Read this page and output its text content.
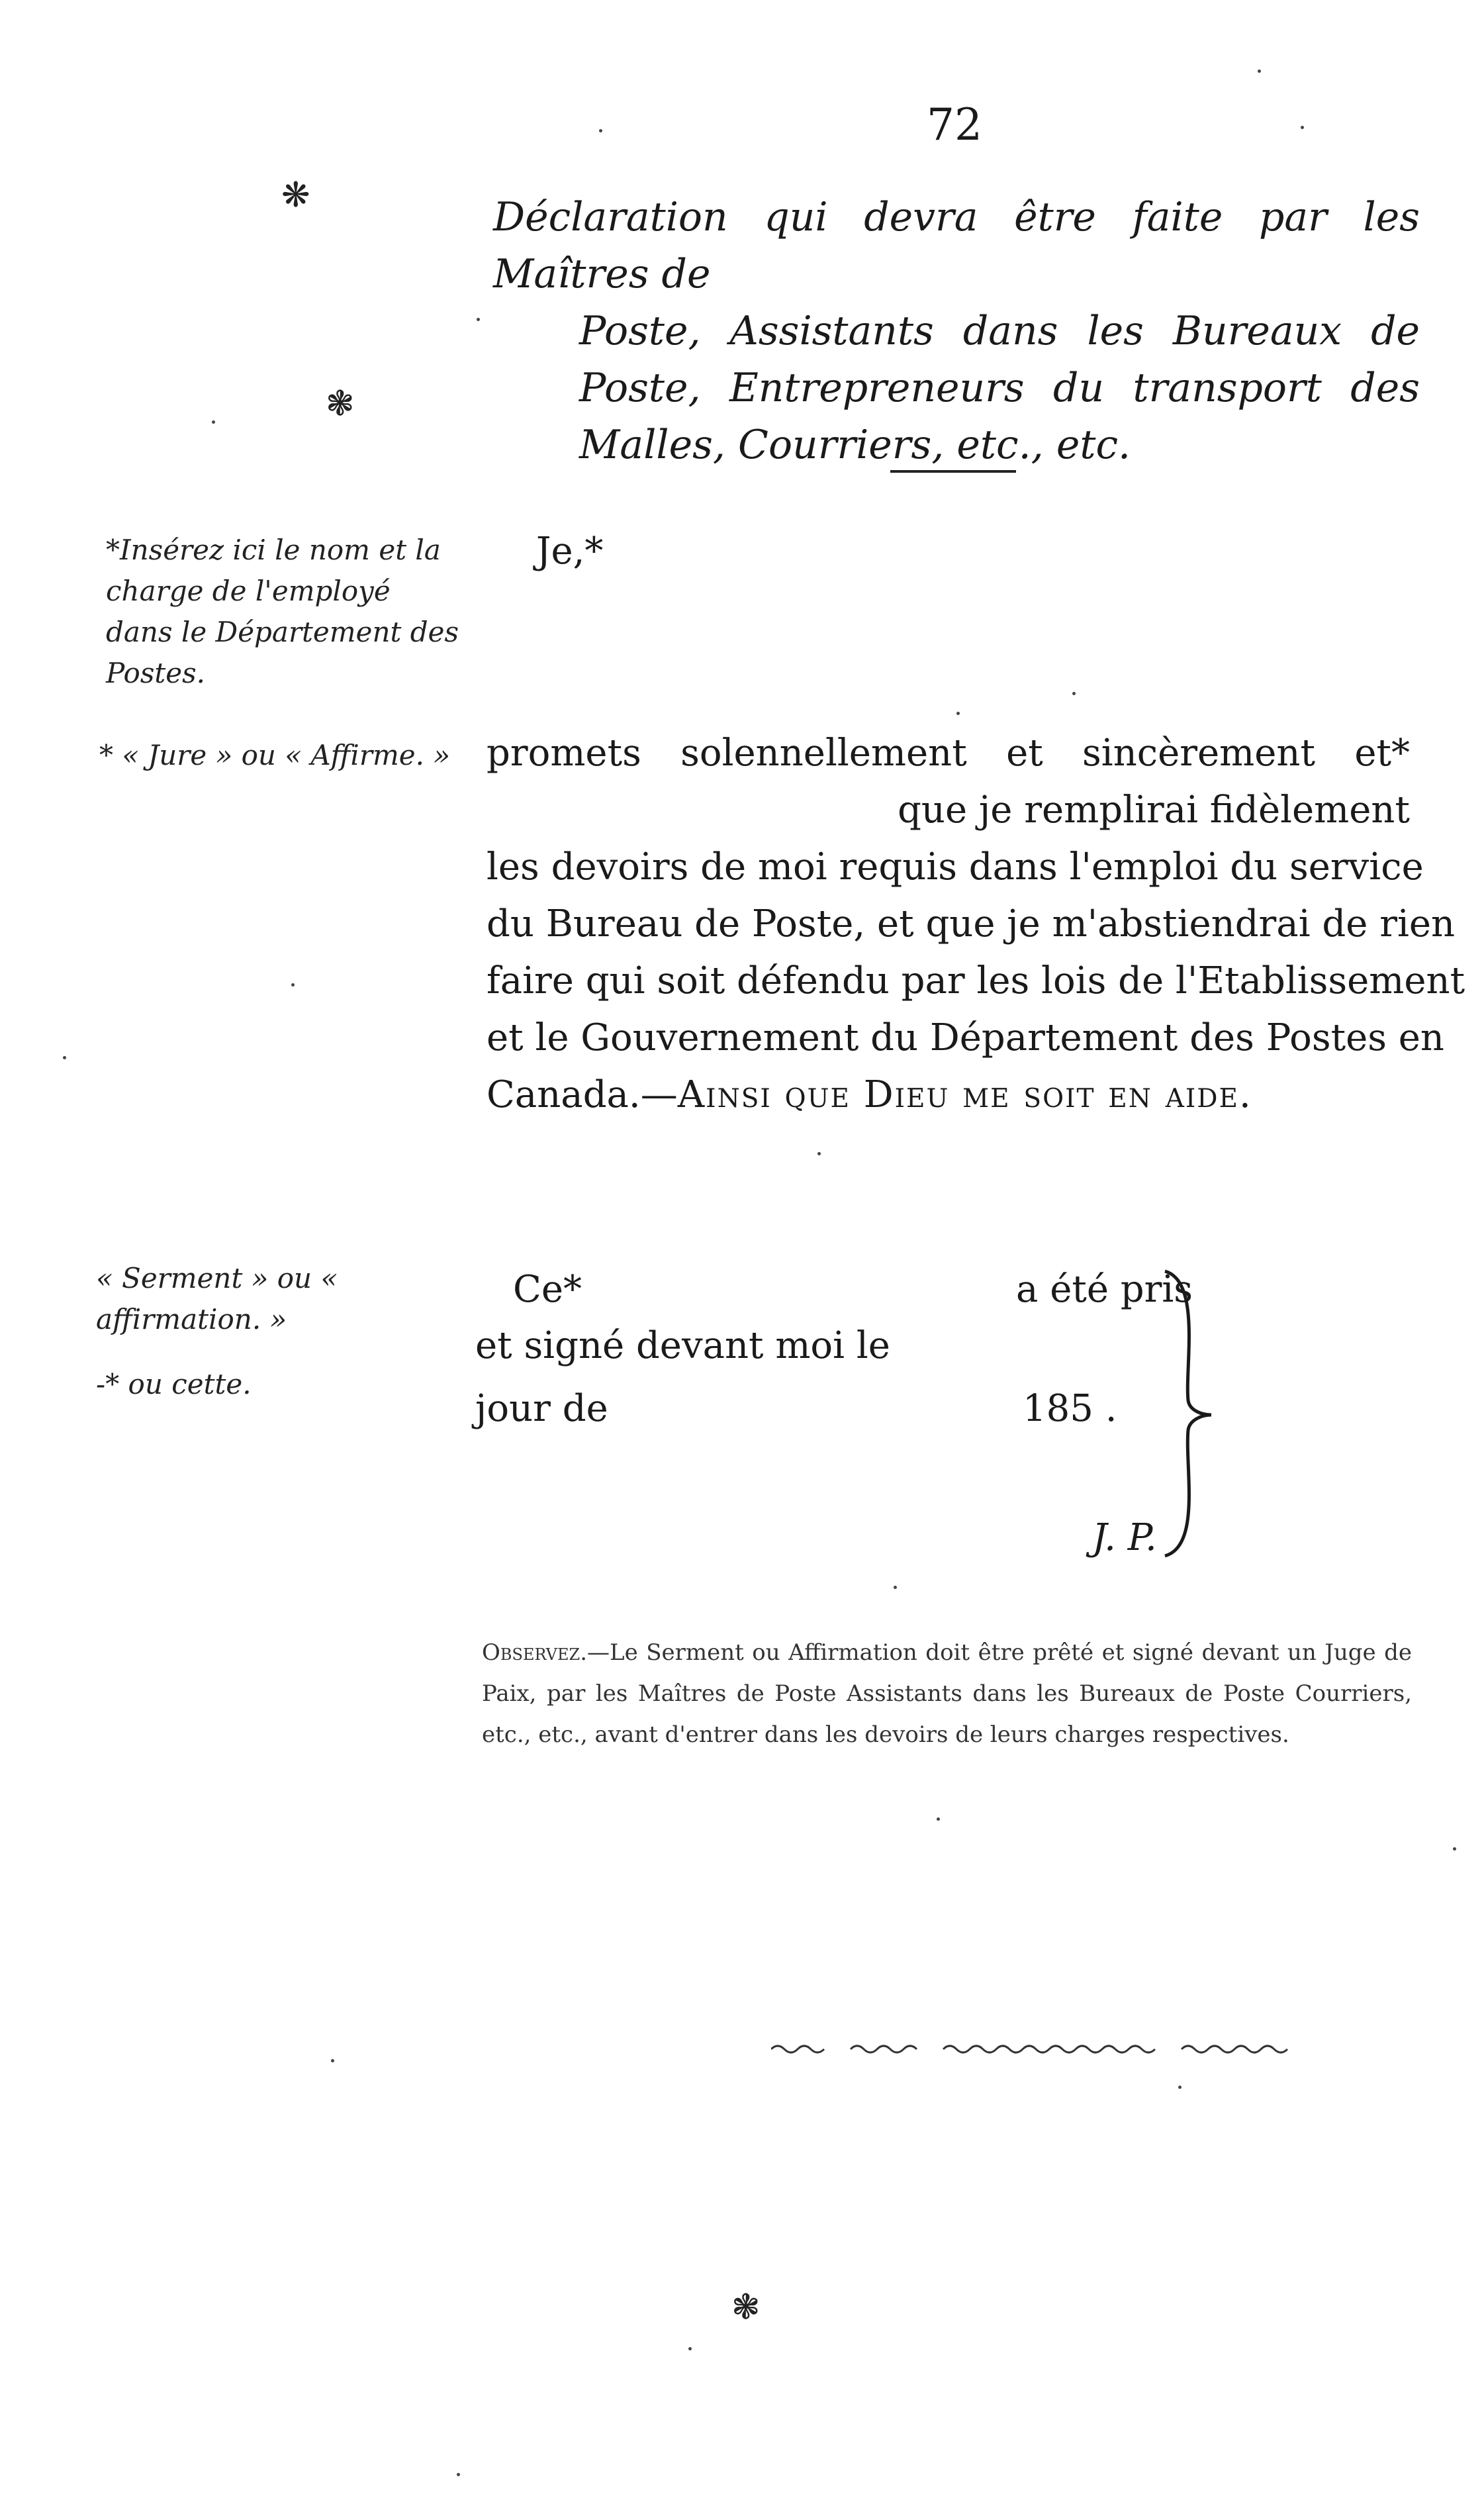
72
❋
❃
Déclaration qui devra être faite par les Maîtres de
Poste, Assistants dans les Bureaux de Poste, Entrepreneurs du transport des Malles, Courriers, etc., etc.
*Insérez ici le nom et la charge de l'employé dans le Département des Postes.
Je,*
* « Jure » ou « Affirme. » promets solennellement et sincèrement et*
que je remplirai fidèlement
les devoirs de moi requis dans l'emploi du service
du Bureau de Poste, et que je m'abstiendrai de rien
faire qui soit défendu par les lois de l'Etablissement
et le Gouvernement du Département des Postes en
Canada.—Ainsi que Dieu me soit en aide.
« Serment » ou « affirmation. »
-* ou cette.
Ce*	a été pris
et signé devant moi le
jour de	185 .
J. P.
Observez.—Le Serment ou Affirmation doit être prêté et signé devant un Juge de Paix, par les Maîtres de Poste Assistants dans les Bureaux de Poste Courriers, etc., etc., avant d'entrer dans les devoirs de leurs charges respectives.
❃
